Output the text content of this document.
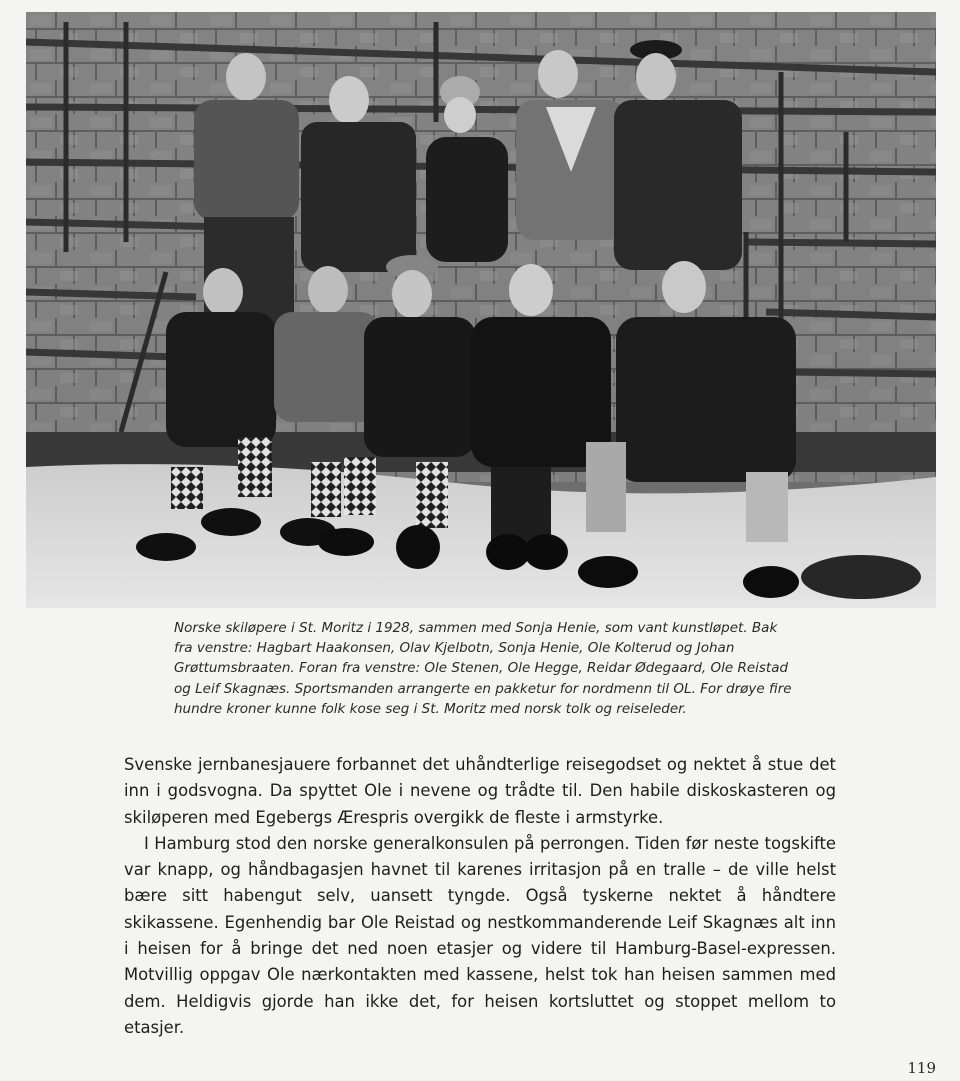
Norske skiløpere i St. Moritz i 1928, sammen med Sonja Henie, som vant kunstløpet. Bak fra venstre: Hagbart Haakonsen, Olav Kjelbotn, Sonja Henie, Ole Kolterud og Johan Grøttumsbraaten. Foran fra venstre: Ole Stenen, Ole Hegge, Reidar Ødegaard, Ole Reistad og Leif Skagnæs. Sportsmanden arrangerte en pakketur for nordmenn til OL. For drøye fire hundre kroner kunne folk kose seg i St. Moritz med norsk tolk og reiseleder.

Svenske jernbanesjauere forbannet det uhåndterlige reisegodset og nektet å stue det inn i godsvogna. Da spyttet Ole i nevene og trådte til. Den habile diskoskasteren og skiløperen med Egebergs Ærespris overgikk de fleste i armstyrke.

I Hamburg stod den norske generalkonsulen på perrongen. Tiden før neste togskifte var knapp, og håndbagasjen havnet til karenes irritasjon på en tralle – de ville helst bære sitt habengut selv, uansett tyngde. Også tyskerne nektet å håndtere skikassene. Egenhendig bar Ole Reistad og nestkommanderende Leif Skagnæs alt inn i heisen for å bringe det ned noen etasjer og videre til Hamburg-Basel-expressen. Motvillig oppgav Ole nærkontakten med kassene, helst tok han heisen sammen med dem. Heldigvis gjorde han ikke det, for heisen kortsluttet og stoppet mellom to etasjer.

119
